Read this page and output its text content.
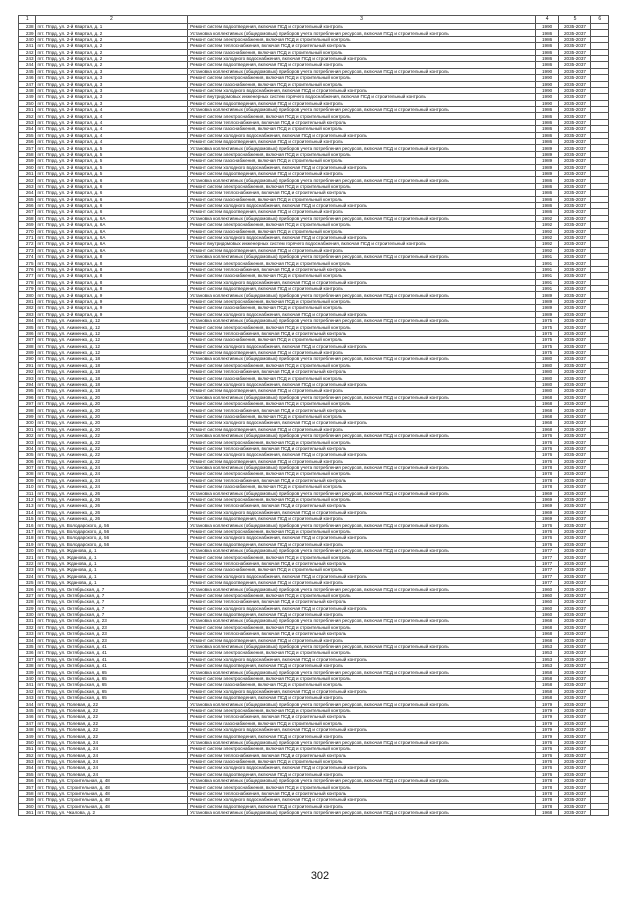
1	2	3	4	5	6
238	пгт. Ппрд, ул. 2-й Квартал, д. 1	Ремонт систем водоотведения, включая ПСД и строительный контроль	1990	2035-2037	
239	пгт. Ппрд, ул. 2-й Квартал, д. 2	Установка коллективных (общедомовых) приборов учета потребления ресурсов, включая ПСД и строительный контроль	1986	2035-2037	
240	пгт. Ппрд, ул. 2-й Квартал, д. 2	Ремонт систем электроснабжения, включая ПСД и строительный контроль	1986	2035-2037	
241	пгт. Ппрд, ул. 2-й Квартал, д. 2	Ремонт систем теплоснабжения, включая ПСД и строительный контроль	1986	2035-2037	
242	пгт. Ппрд, ул. 2-й Квартал, д. 2	Ремонт систем газоснабжения, включая ПСД и строительный контроль	1986	2035-2037	
243	пгт. Ппрд, ул. 2-й Квартал, д. 2	Ремонт систем холодного водоснабжения, включая ПСД и строительный контроль	1986	2035-2037	
244	пгт. Ппрд, ул. 2-й Квартал, д. 2	Ремонт систем водоотведения, включая ПСД и строительный контроль	1986	2035-2037	
245	пгт. Ппрд, ул. 2-й Квартал, д. 3	Установка коллективных (общедомовых) приборов учета потребления ресурсов, включая ПСД и строительный контроль	1990	2035-2037	
246	пгт. Ппрд, ул. 2-й Квартал, д. 3	Ремонт систем электроснабжения, включая ПСД и строительный контроль	1990	2035-2037	
247	пгт. Ппрд, ул. 2-й Квартал, д. 3	Ремонт систем газоснабжения, включая ПСД и строительный контроль	1990	2035-2037	
248	пгт. Ппрд, ул. 2-й Квартал, д. 3	Ремонт систем холодного водоснабжения, включая ПСД и строительный контроль	1990	2035-2037	
249	пгт. Ппрд, ул. 2-й Квартал, д. 3	Ремонт внутридомовых инженерных систем горячего водоснабжения, включая ПСД и строительный контроль	1990	2035-2037	
250	пгт. Ппрд, ул. 2-й Квартал, д. 3	Ремонт систем водоотведения, включая ПСД и строительный контроль	1990	2035-2037	
251	пгт. Ппрд, ул. 2-й Квартал, д. 4	Установка коллективных (общедомовых) приборов учета потребления ресурсов, включая ПСД и строительный контроль	1986	2035-2037	
252	пгт. Ппрд, ул. 2-й Квартал, д. 4	Ремонт систем электроснабжения, включая ПСД и строительный контроль	1986	2035-2037	
253	пгт. Ппрд, ул. 2-й Квартал, д. 4	Ремонт систем теплоснабжения, включая ПСД и строительный контроль	1986	2035-2037	
254	пгт. Ппрд, ул. 2-й Квартал, д. 4	Ремонт систем газоснабжения, включая ПСД и строительный контроль	1986	2035-2037	
255	пгт. Ппрд, ул. 2-й Квартал, д. 4	Ремонт систем холодного водоснабжения, включая ПСД и строительный контроль	1986	2035-2037	
256	пгт. Ппрд, ул. 2-й Квартал, д. 4	Ремонт систем водоотведения, включая ПСД и строительный контроль	1986	2035-2037	
257	пгт. Ппрд, ул. 2-й Квартал, д. 5	Установка коллективных (общедомовых) приборов учета потребления ресурсов, включая ПСД и строительный контроль	1989	2035-2037	
258	пгт. Ппрд, ул. 2-й Квартал, д. 5	Ремонт систем электроснабжения, включая ПСД и строительный контроль	1989	2035-2037	
259	пгт. Ппрд, ул. 2-й Квартал, д. 5	Ремонт систем газоснабжения, включая ПСД и строительный контроль	1989	2035-2037	
260	пгт. Ппрд, ул. 2-й Квартал, д. 5	Ремонт систем холодного водоснабжения, включая ПСД и строительный контроль	1989	2035-2037	
261	пгт. Ппрд, ул. 2-й Квартал, д. 5	Ремонт систем водоотведения, включая ПСД и строительный контроль	1989	2035-2037	
262	пгт. Ппрд, ул. 2-й Квартал, д. 6	Установка коллективных (общедомовых) приборов учета потребления ресурсов, включая ПСД и строительный контроль	1986	2035-2037	
263	пгт. Ппрд, ул. 2-й Квартал, д. 6	Ремонт систем электроснабжения, включая ПСД и строительный контроль	1986	2035-2037	
264	пгт. Ппрд, ул. 2-й Квартал, д. 6	Ремонт систем теплоснабжения, включая ПСД и строительный контроль	1986	2035-2037	
265	пгт. Ппрд, ул. 2-й Квартал, д. 6	Ремонт систем газоснабжения, включая ПСД и строительный контроль	1986	2035-2037	
266	пгт. Ппрд, ул. 2-й Квартал, д. 6	Ремонт систем холодного водоснабжения, включая ПСД и строительный контроль	1986	2035-2037	
267	пгт. Ппрд, ул. 2-й Квартал, д. 6	Ремонт систем водоотведения, включая ПСД и строительный контроль	1986	2035-2037	
268	пгт. Ппрд, ул. 2-й Квартал, д. 6А	Установка коллективных (общедомовых) приборов учета потребления ресурсов, включая ПСД и строительный контроль	1992	2035-2037	
269	пгт. Ппрд, ул. 2-й Квартал, д. 6А	Ремонт систем электроснабжения, включая ПСД и строительный контроль	1992	2035-2037	
270	пгт. Ппрд, ул. 2-й Квартал, д. 6А	Ремонт систем газоснабжения, включая ПСД и строительный контроль	1992	2035-2037	
271	пгт. Ппрд, ул. 2-й Квартал, д. 6А	Ремонт систем холодного водоснабжения, включая ПСД и строительный контроль	1992	2035-2037	
272	пгт. Ппрд, ул. 2-й Квартал, д. 6А	Ремонт внутридомовых инженерных систем горячего водоснабжения, включая ПСД и строительный контроль	1992	2035-2037	
273	пгт. Ппрд, ул. 2-й Квартал, д. 6А	Ремонт систем водоотведения, включая ПСД и строительный контроль	1992	2035-2037	
274	пгт. Ппрд, ул. 2-й Квартал, д. 8	Установка коллективных (общедомовых) приборов учета потребления ресурсов, включая ПСД и строительный контроль	1991	2035-2037	
275	пгт. Ппрд, ул. 2-й Квартал, д. 8	Ремонт систем электроснабжения, включая ПСД и строительный контроль	1991	2035-2037	
276	пгт. Ппрд, ул. 2-й Квартал, д. 8	Ремонт систем теплоснабжения, включая ПСД и строительный контроль	1991	2035-2037	
277	пгт. Ппрд, ул. 2-й Квартал, д. 8	Ремонт систем газоснабжения, включая ПСД и строительный контроль	1991	2035-2037	
278	пгт. Ппрд, ул. 2-й Квартал, д. 8	Ремонт систем холодного водоснабжения, включая ПСД и строительный контроль	1991	2035-2037	
279	пгт. Ппрд, ул. 2-й Квартал, д. 8	Ремонт систем водоотведения, включая ПСД и строительный контроль	1991	2035-2037	
280	пгт. Ппрд, ул. 2-й Квартал, д. 9	Установка коллективных (общедомовых) приборов учета потребления ресурсов, включая ПСД и строительный контроль	1989	2035-2037	
281	пгт. Ппрд, ул. 2-й Квартал, д. 9	Ремонт систем электроснабжения, включая ПСД и строительный контроль	1989	2035-2037	
282	пгт. Ппрд, ул. 2-й Квартал, д. 9	Ремонт систем газоснабжения, включая ПСД и строительный контроль	1989	2035-2037	
283	пгт. Ппрд, ул. 2-й Квартал, д. 9	Ремонт систем холодного водоснабжения, включая ПСД и строительный контроль	1989	2035-2037	
284	пгт. Ппрд, ул. Акименко, д. 12	Установка коллективных (общедомовых) приборов учета потребления ресурсов, включая ПСД и строительный контроль	1975	2035-2037	
285	пгт. Ппрд, ул. Акименко, д. 12	Ремонт систем электроснабжения, включая ПСД и строительный контроль	1975	2035-2037	
286	пгт. Ппрд, ул. Акименко, д. 12	Ремонт систем теплоснабжения, включая ПСД и строительный контроль	1975	2035-2037	
287	пгт. Ппрд, ул. Акименко, д. 12	Ремонт систем газоснабжения, включая ПСД и строительный контроль	1975	2035-2037	
288	пгт. Ппрд, ул. Акименко, д. 12	Ремонт систем холодного водоснабжения, включая ПСД и строительный контроль	1975	2035-2037	
289	пгт. Ппрд, ул. Акименко, д. 12	Ремонт систем водоотведения, включая ПСД и строительный контроль	1975	2035-2037	
290	пгт. Ппрд, ул. Акименко, д. 18	Установка коллективных (общедомовых) приборов учета потребления ресурсов, включая ПСД и строительный контроль	1980	2035-2037	
291	пгт. Ппрд, ул. Акименко, д. 18	Ремонт систем электроснабжения, включая ПСД и строительный контроль	1980	2035-2037	
292	пгт. Ппрд, ул. Акименко, д. 18	Ремонт систем теплоснабжения, включая ПСД и строительный контроль	1980	2035-2037	
293	пгт. Ппрд, ул. Акименко, д. 18	Ремонт систем газоснабжения, включая ПСД и строительный контроль	1980	2035-2037	
294	пгт. Ппрд, ул. Акименко, д. 18	Ремонт систем холодного водоснабжения, включая ПСД и строительный контроль	1980	2035-2037	
295	пгт. Ппрд, ул. Акименко, д. 18	Ремонт систем водоотведения, включая ПСД и строительный контроль	1980	2035-2037	
296	пгт. Ппрд, ул. Акименко, д. 20	Установка коллективных (общедомовых) приборов учета потребления ресурсов, включая ПСД и строительный контроль	1968	2035-2037	
297	пгт. Ппрд, ул. Акименко, д. 20	Ремонт систем электроснабжения, включая ПСД и строительный контроль	1968	2035-2037	
298	пгт. Ппрд, ул. Акименко, д. 20	Ремонт систем теплоснабжения, включая ПСД и строительный контроль	1968	2035-2037	
299	пгт. Ппрд, ул. Акименко, д. 20	Ремонт систем газоснабжения, включая ПСД и строительный контроль	1968	2035-2037	
300	пгт. Ппрд, ул. Акименко, д. 20	Ремонт систем холодного водоснабжения, включая ПСД и строительный контроль	1968	2035-2037	
301	пгт. Ппрд, ул. Акименко, д. 20	Ремонт систем водоотведения, включая ПСД и строительный контроль	1968	2035-2037	
302	пгт. Ппрд, ул. Акименко, д. 22	Установка коллективных (общедомовых) приборов учета потребления ресурсов, включая ПСД и строительный контроль	1976	2035-2037	
303	пгт. Ппрд, ул. Акименко, д. 22	Ремонт систем электроснабжения, включая ПСД и строительный контроль	1976	2035-2037	
304	пгт. Ппрд, ул. Акименко, д. 22	Ремонт систем теплоснабжения, включая ПСД и строительный контроль	1976	2035-2037	
305	пгт. Ппрд, ул. Акименко, д. 22	Ремонт систем холодного водоснабжения, включая ПСД и строительный контроль	1976	2035-2037	
306	пгт. Ппрд, ул. Акименко, д. 22	Ремонт систем водоотведения, включая ПСД и строительный контроль	1976	2035-2037	
307	пгт. Ппрд, ул. Акименко, д. 24	Установка коллективных (общедомовых) приборов учета потребления ресурсов, включая ПСД и строительный контроль	1978	2035-2037	
308	пгт. Ппрд, ул. Акименко, д. 24	Ремонт систем электроснабжения, включая ПСД и строительный контроль	1978	2035-2037	
309	пгт. Ппрд, ул. Акименко, д. 24	Ремонт систем теплоснабжения, включая ПСД и строительный контроль	1978	2035-2037	
310	пгт. Ппрд, ул. Акименко, д. 24	Ремонт систем газоснабжения, включая ПСД и строительный контроль	1978	2035-2037	
311	пгт. Ппрд, ул. Акименко, д. 26	Установка коллективных (общедомовых) приборов учета потребления ресурсов, включая ПСД и строительный контроль	1969	2035-2037	
312	пгт. Ппрд, ул. Акименко, д. 26	Ремонт систем электроснабжения, включая ПСД и строительный контроль	1969	2035-2037	
313	пгт. Ппрд, ул. Акименко, д. 26	Ремонт систем теплоснабжения, включая ПСД и строительный контроль	1969	2035-2037	
314	пгт. Ппрд, ул. Акименко, д. 26	Ремонт систем холодного водоснабжения, включая ПСД и строительный контроль	1969	2035-2037	
315	пгт. Ппрд, ул. Акименко, д. 26	Ремонт систем водоотведения, включая ПСД и строительный контроль	1969	2035-2037	
316	пгт. Ппрд, ул. Володарского, д. 56	Установка коллективных (общедомовых) приборов учета потребления ресурсов, включая ПСД и строительный контроль	1976	2035-2037	
317	пгт. Ппрд, ул. Володарского, д. 56	Ремонт систем электроснабжения, включая ПСД и строительный контроль	1976	2035-2037	
318	пгт. Ппрд, ул. Володарского, д. 56	Ремонт систем холодного водоснабжения, включая ПСД и строительный контроль	1976	2035-2037	
319	пгт. Ппрд, ул. Володарского, д. 56	Ремонт систем водоотведения, включая ПСД и строительный контроль	1976	2035-2037	
320	пгт. Ппрд, ул. Жданова, д. 1	Установка коллективных (общедомовых) приборов учета потребления ресурсов, включая ПСД и строительный контроль	1977	2035-2037	
321	пгт. Ппрд, ул. Жданова, д. 1	Ремонт систем электроснабжения, включая ПСД и строительный контроль	1977	2035-2037	
322	пгт. Ппрд, ул. Жданова, д. 1	Ремонт систем теплоснабжения, включая ПСД и строительный контроль	1977	2035-2037	
323	пгт. Ппрд, ул. Жданова, д. 1	Ремонт систем газоснабжения, включая ПСД и строительный контроль	1977	2035-2037	
324	пгт. Ппрд, ул. Жданова, д. 1	Ремонт систем холодного водоснабжения, включая ПСД и строительный контроль	1977	2035-2037	
325	пгт. Ппрд, ул. Жданова, д. 1	Ремонт систем водоотведения, включая ПСД и строительный контроль	1977	2035-2037	
326	пгт. Ппрд, ул. Октябрьская, д. 7	Установка коллективных (общедомовых) приборов учета потребления ресурсов, включая ПСД и строительный контроль	1960	2035-2037	
327	пгт. Ппрд, ул. Октябрьская, д. 7	Ремонт систем электроснабжения, включая ПСД и строительный контроль	1960	2035-2037	
328	пгт. Ппрд, ул. Октябрьская, д. 7	Ремонт систем теплоснабжения, включая ПСД и строительный контроль	1960	2035-2037	
329	пгт. Ппрд, ул. Октябрьская, д. 7	Ремонт систем холодного водоснабжения, включая ПСД и строительный контроль	1960	2035-2037	
330	пгт. Ппрд, ул. Октябрьская, д. 7	Ремонт систем водоотведения, включая ПСД и строительный контроль	1960	2035-2037	
331	пгт. Ппрд, ул. Октябрьская, д. 23	Установка коллективных (общедомовых) приборов учета потребления ресурсов, включая ПСД и строительный контроль	1968	2035-2037	
332	пгт. Ппрд, ул. Октябрьская, д. 23	Ремонт систем электроснабжения, включая ПСД и строительный контроль	1968	2035-2037	
333	пгт. Ппрд, ул. Октябрьская, д. 23	Ремонт систем теплоснабжения, включая ПСД и строительный контроль	1968	2035-2037	
334	пгт. Ппрд, ул. Октябрьская, д. 23	Ремонт систем водоотведения, включая ПСД и строительный контроль	1968	2035-2037	
335	пгт. Ппрд, ул. Октябрьская, д. 41	Установка коллективных (общедомовых) приборов учета потребления ресурсов, включая ПСД и строительный контроль	1953	2035-2037	
336	пгт. Ппрд, ул. Октябрьская, д. 41	Ремонт систем электроснабжения, включая ПСД и строительный контроль	1953	2035-2037	
337	пгт. Ппрд, ул. Октябрьская, д. 41	Ремонт систем холодного водоснабжения, включая ПСД и строительный контроль	1953	2035-2037	
338	пгт. Ппрд, ул. Октябрьская, д. 41	Ремонт систем водоотведения, включая ПСД и строительный контроль	1953	2035-2037	
339	пгт. Ппрд, ул. Октябрьская, д. 65	Установка коллективных (общедомовых) приборов учета потребления ресурсов, включая ПСД и строительный контроль	1958	2035-2037	
340	пгт. Ппрд, ул. Октябрьская, д. 65	Ремонт систем электроснабжения, включая ПСД и строительный контроль	1958	2035-2037	
341	пгт. Ппрд, ул. Октябрьская, д. 65	Ремонт систем газоснабжения, включая ПСД и строительный контроль	1958	2035-2037	
342	пгт. Ппрд, ул. Октябрьская, д. 65	Ремонт систем холодного водоснабжения, включая ПСД и строительный контроль	1958	2035-2037	
343	пгт. Ппрд, ул. Октябрьская, д. 65	Ремонт систем водоотведения, включая ПСД и строительный контроль	1958	2035-2037	
344	пгт. Ппрд, ул. Полевая, д. 22	Установка коллективных (общедомовых) приборов учета потребления ресурсов, включая ПСД и строительный контроль	1979	2035-2037	
345	пгт. Ппрд, ул. Полевая, д. 22	Ремонт систем электроснабжения, включая ПСД и строительный контроль	1979	2035-2037	
346	пгт. Ппрд, ул. Полевая, д. 22	Ремонт систем теплоснабжения, включая ПСД и строительный контроль	1979	2035-2037	
347	пгт. Ппрд, ул. Полевая, д. 22	Ремонт систем газоснабжения, включая ПСД и строительный контроль	1979	2035-2037	
348	пгт. Ппрд, ул. Полевая, д. 22	Ремонт систем холодного водоснабжения, включая ПСД и строительный контроль	1979	2035-2037	
349	пгт. Ппрд, ул. Полевая, д. 22	Ремонт систем водоотведения, включая ПСД и строительный контроль	1979	2035-2037	
350	пгт. Ппрд, ул. Полевая, д. 24	Установка коллективных (общедомовых) приборов учета потребления ресурсов, включая ПСД и строительный контроль	1976	2035-2037	
351	пгт. Ппрд, ул. Полевая, д. 24	Ремонт систем электроснабжения, включая ПСД и строительный контроль	1976	2035-2037	
352	пгт. Ппрд, ул. Полевая, д. 24	Ремонт систем теплоснабжения, включая ПСД и строительный контроль	1976	2035-2037	
353	пгт. Ппрд, ул. Полевая, д. 24	Ремонт систем газоснабжения, включая ПСД и строительный контроль	1976	2035-2037	
354	пгт. Ппрд, ул. Полевая, д. 24	Ремонт систем холодного водоснабжения, включая ПСД и строительный контроль	1976	2035-2037	
355	пгт. Ппрд, ул. Полевая, д. 24	Ремонт систем водоотведения, включая ПСД и строительный контроль	1976	2035-2037	
356	пгт. Ппрд, ул. Строительная, д. 48	Установка коллективных (общедомовых) приборов учета потребления ресурсов, включая ПСД и строительный контроль	1978	2035-2037	
357	пгт. Ппрд, ул. Строительная, д. 48	Ремонт систем электроснабжения, включая ПСД и строительный контроль	1978	2035-2037	
358	пгт. Ппрд, ул. Строительная, д. 48	Ремонт систем теплоснабжения, включая ПСД и строительный контроль	1978	2035-2037	
359	пгт. Ппрд, ул. Строительная, д. 48	Ремонт систем холодного водоснабжения, включая ПСД и строительный контроль	1978	2035-2037	
360	пгт. Ппрд, ул. Строительная, д. 48	Ремонт систем водоотведения, включая ПСД и строительный контроль	1978	2035-2037	
361	пгт. Ппрд, ул. Чкалова, д. 2	Установка коллективных (общедомовых) приборов учета потребления ресурсов, включая ПСД и строительный контроль	1968	2035-2037	
302
